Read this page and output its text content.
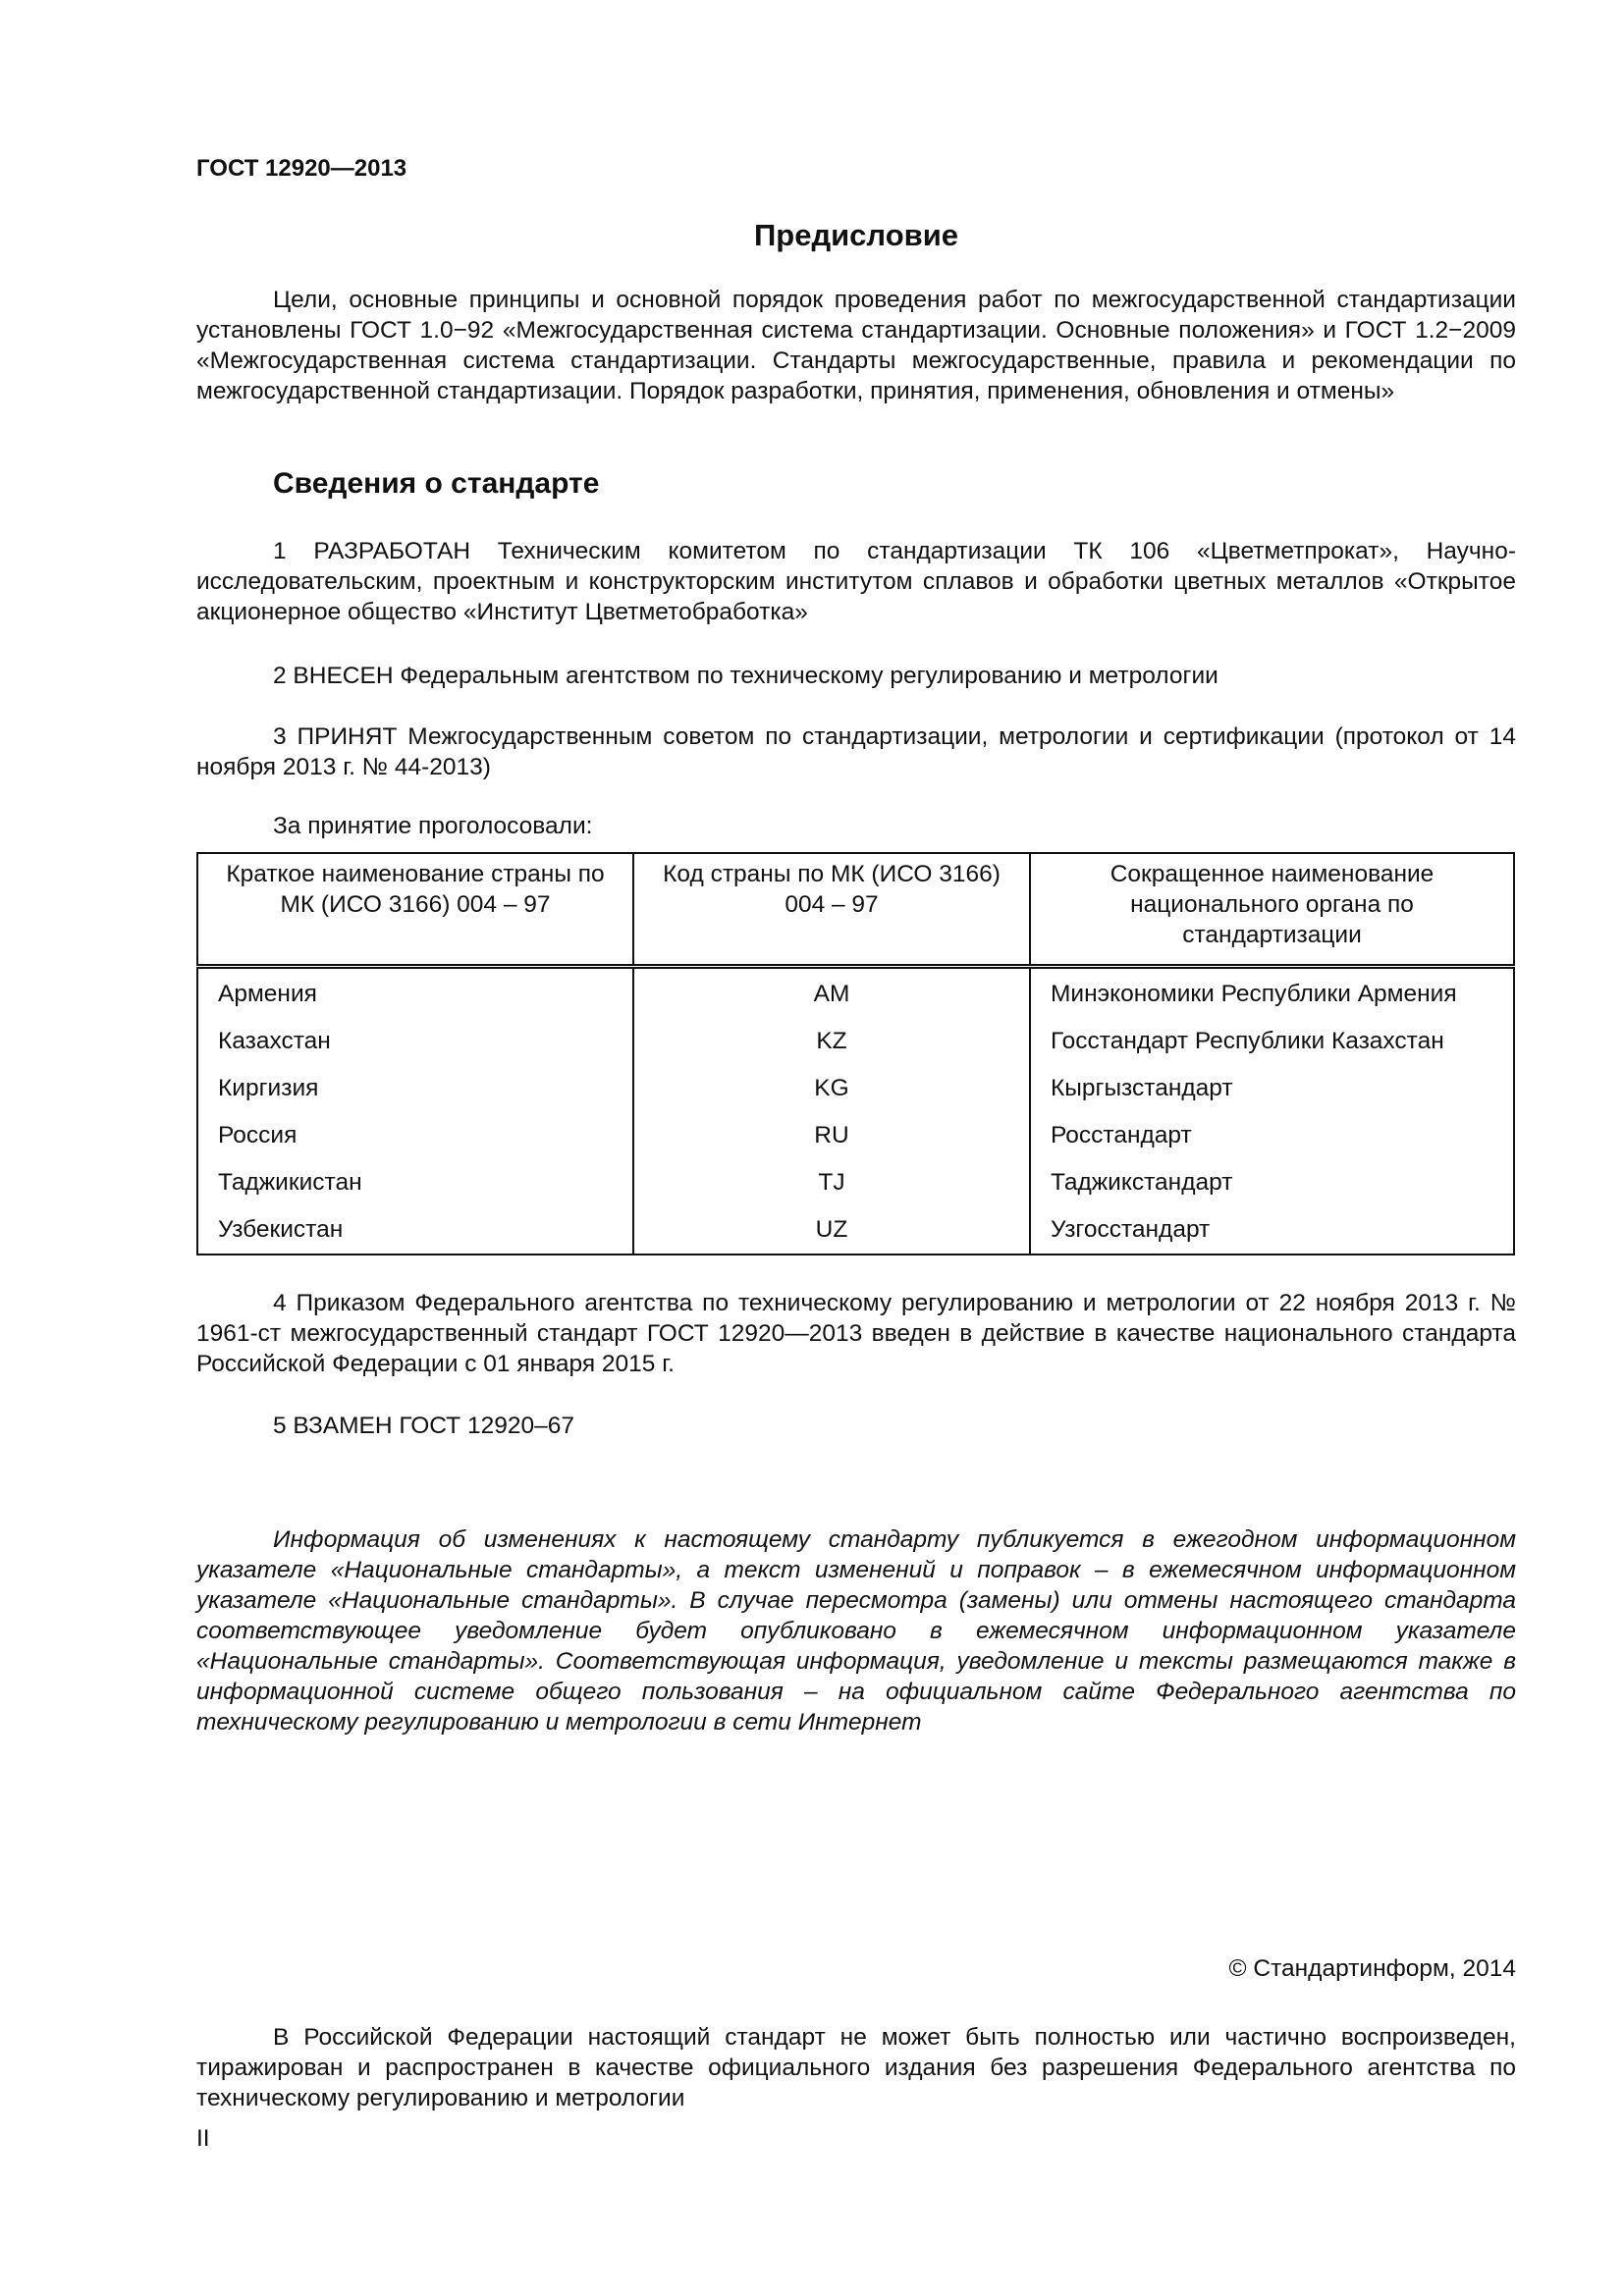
ГОСТ 12920—2013
Предисловие
Цели, основные принципы и основной порядок проведения работ по межгосударственной стандартизации установлены ГОСТ 1.0−92 «Межгосударственная система стандартизации. Основные положения» и ГОСТ 1.2−2009 «Межгосударственная система стандартизации. Стандарты межгосударственные, правила и рекомендации по межгосударственной стандартизации. Порядок разработки, принятия, применения, обновления и отмены»
Сведения о стандарте
1 РАЗРАБОТАН Техническим комитетом по стандартизации ТК 106 «Цветметпрокат», Научно-исследовательским, проектным и конструкторским институтом сплавов и обработки цветных металлов «Открытое акционерное общество «Институт Цветметобработка»
2 ВНЕСЕН Федеральным агентством по техническому регулированию и метрологии
3 ПРИНЯТ Межгосударственным советом по стандартизации, метрологии и сертификации (протокол от 14 ноября 2013 г. № 44-2013)
За принятие проголосовали:
Краткое наименование страны по МК (ИСО 3166) 004 – 97	Код страны по МК (ИСО 3166) 004 – 97	Сокращенное наименование национального органа по стандартизации
Армения	AM	Минэкономики Республики Армения
Казахстан	KZ	Госстандарт Республики Казахстан
Киргизия	KG	Кыргызстандарт
Россия	RU	Росстандарт
Таджикистан	TJ	Таджикстандарт
Узбекистан	UZ	Узгосстандарт
4 Приказом Федерального агентства по техническому регулированию и метрологии от 22 ноября 2013 г. № 1961-ст межгосударственный стандарт ГОСТ 12920—2013 введен в действие в качестве национального стандарта Российской Федерации с 01 января 2015 г.
5 ВЗАМЕН ГОСТ 12920–67
Информация об изменениях к настоящему стандарту публикуется в ежегодном информационном указателе «Национальные стандарты», а текст изменений и поправок – в ежемесячном информационном указателе «Национальные стандарты». В случае пересмотра (замены) или отмены настоящего стандарта соответствующее уведомление будет опубликовано в ежемесячном информационном указателе «Национальные стандарты». Соответствующая информация, уведомление и тексты размещаются также в информационной системе общего пользования – на официальном сайте Федерального агентства по техническому регулированию и метрологии в сети Интернет
© Стандартинформ, 2014
В Российской Федерации настоящий стандарт не может быть полностью или частично воспроизведен, тиражирован и распространен в качестве официального издания без разрешения Федерального агентства по техническому регулированию и метрологии
II
